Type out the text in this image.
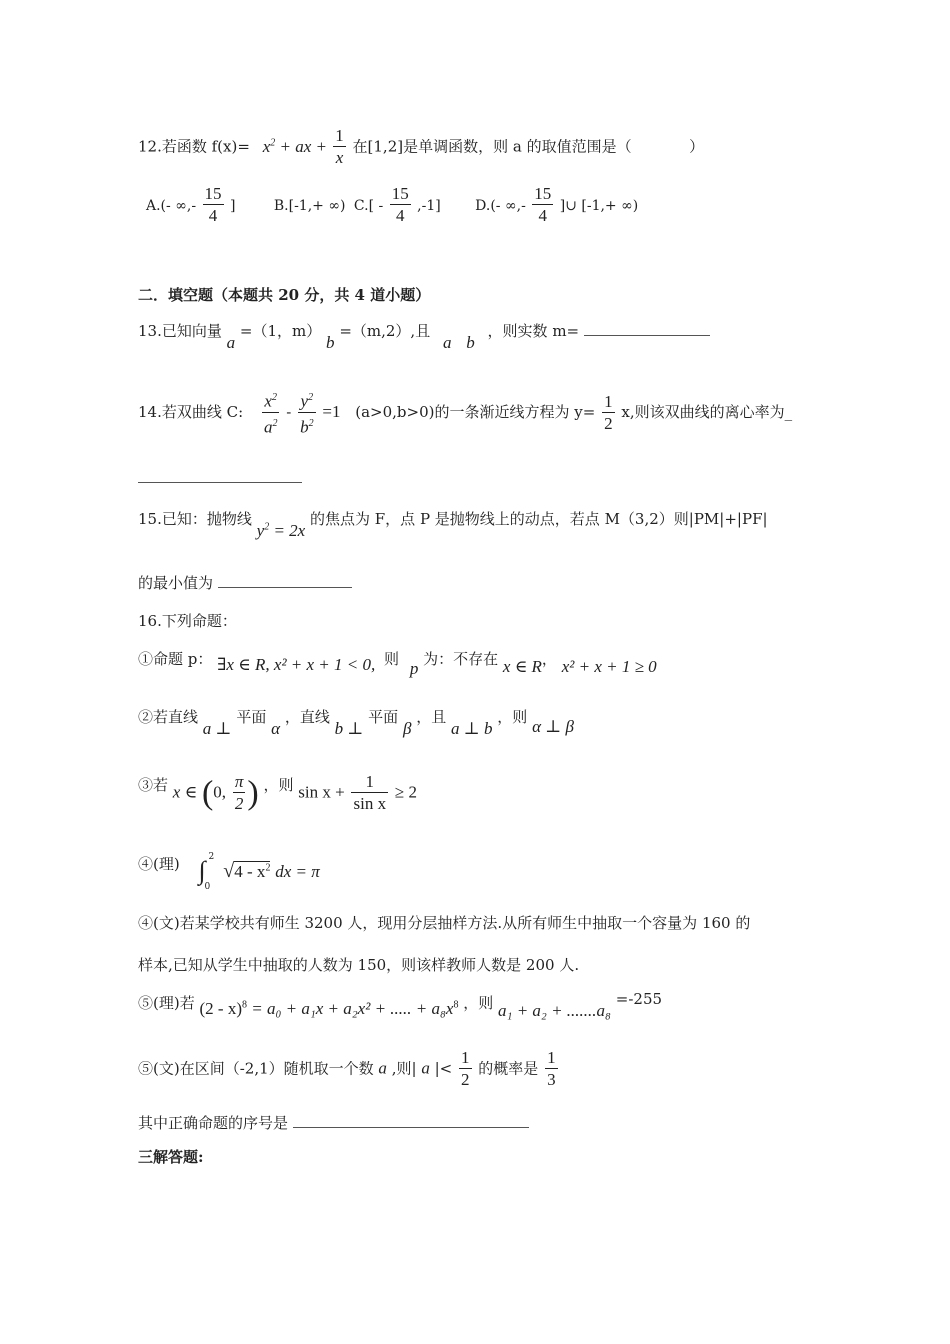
12.若函数 $f(x)= x^2$ + ax + $\frac{1}{x}$ 在[1,2]是单调函数，则 a 的取值范围是（	）
A.(- ∞,- $\frac{15}{4}$ ]	B.[-1,+ ∞) $C.[ - \frac{15}{4} ,-1]$ D.(- ∞,- $\frac{15}{4}$ ]∪ [-1,+ ∞)
二．填空题（本题共 20 分，共 4 道小题）
13.已知向量 a =（1，m） b =（m,2）,且 a b ，则实数 m=
14.若双曲线 C: $\frac{x^2}{a^2} - \frac{y^2}{b^2} =1$ (a>0,b>0)的一条渐近线方程为 $y= \frac{1}{2} x$,则该双曲线的离心率为_
15.已知：抛物线 $y^2 = 2x$ 的焦点为 F，点 P 是抛物线上的动点，若点 M（3,2）则|PM|+|PF|
的最小值为
16.下列命题：
①命题 p： ∃x ∈ R, x² + x + 1 < 0, 则 p 为：不存在 x ∈ R， x² + x + 1 ≥ 0
②若直线 a ⊥ 平面 α ，直线 b ⊥ 平面 β ，且 a ⊥ b ，则 α ⊥ β
③若 x ∈ (0, $\frac{\pi}{2}$ ) ，则 $\sin x + \frac{1}{\text{sin x}} \ge 2$
④(理) ∫ 2
0
$√4 - x^2$ dx = π
④(文)若某学校共有师生 3200 人，现用分层抽样方法.从所有师生中抽取一个容量为 160 的
样本,已知从学生中抽取的人数为 150，则该样教师人数是 200 人.
⑤(理)若 (2 - x)$^8$ = a₀ + a₁x + a₂x² + ..... + $a_8x^8$ ，则 a₁ + a₂ + .......a₈ =-255
⑤(文)在区间（-2,1）随机取一个数 a ,则| a |< $\frac{1}{2}$ 的概率是 $\frac{1}{3}$
其中正确命题的序号是
三解答题:
